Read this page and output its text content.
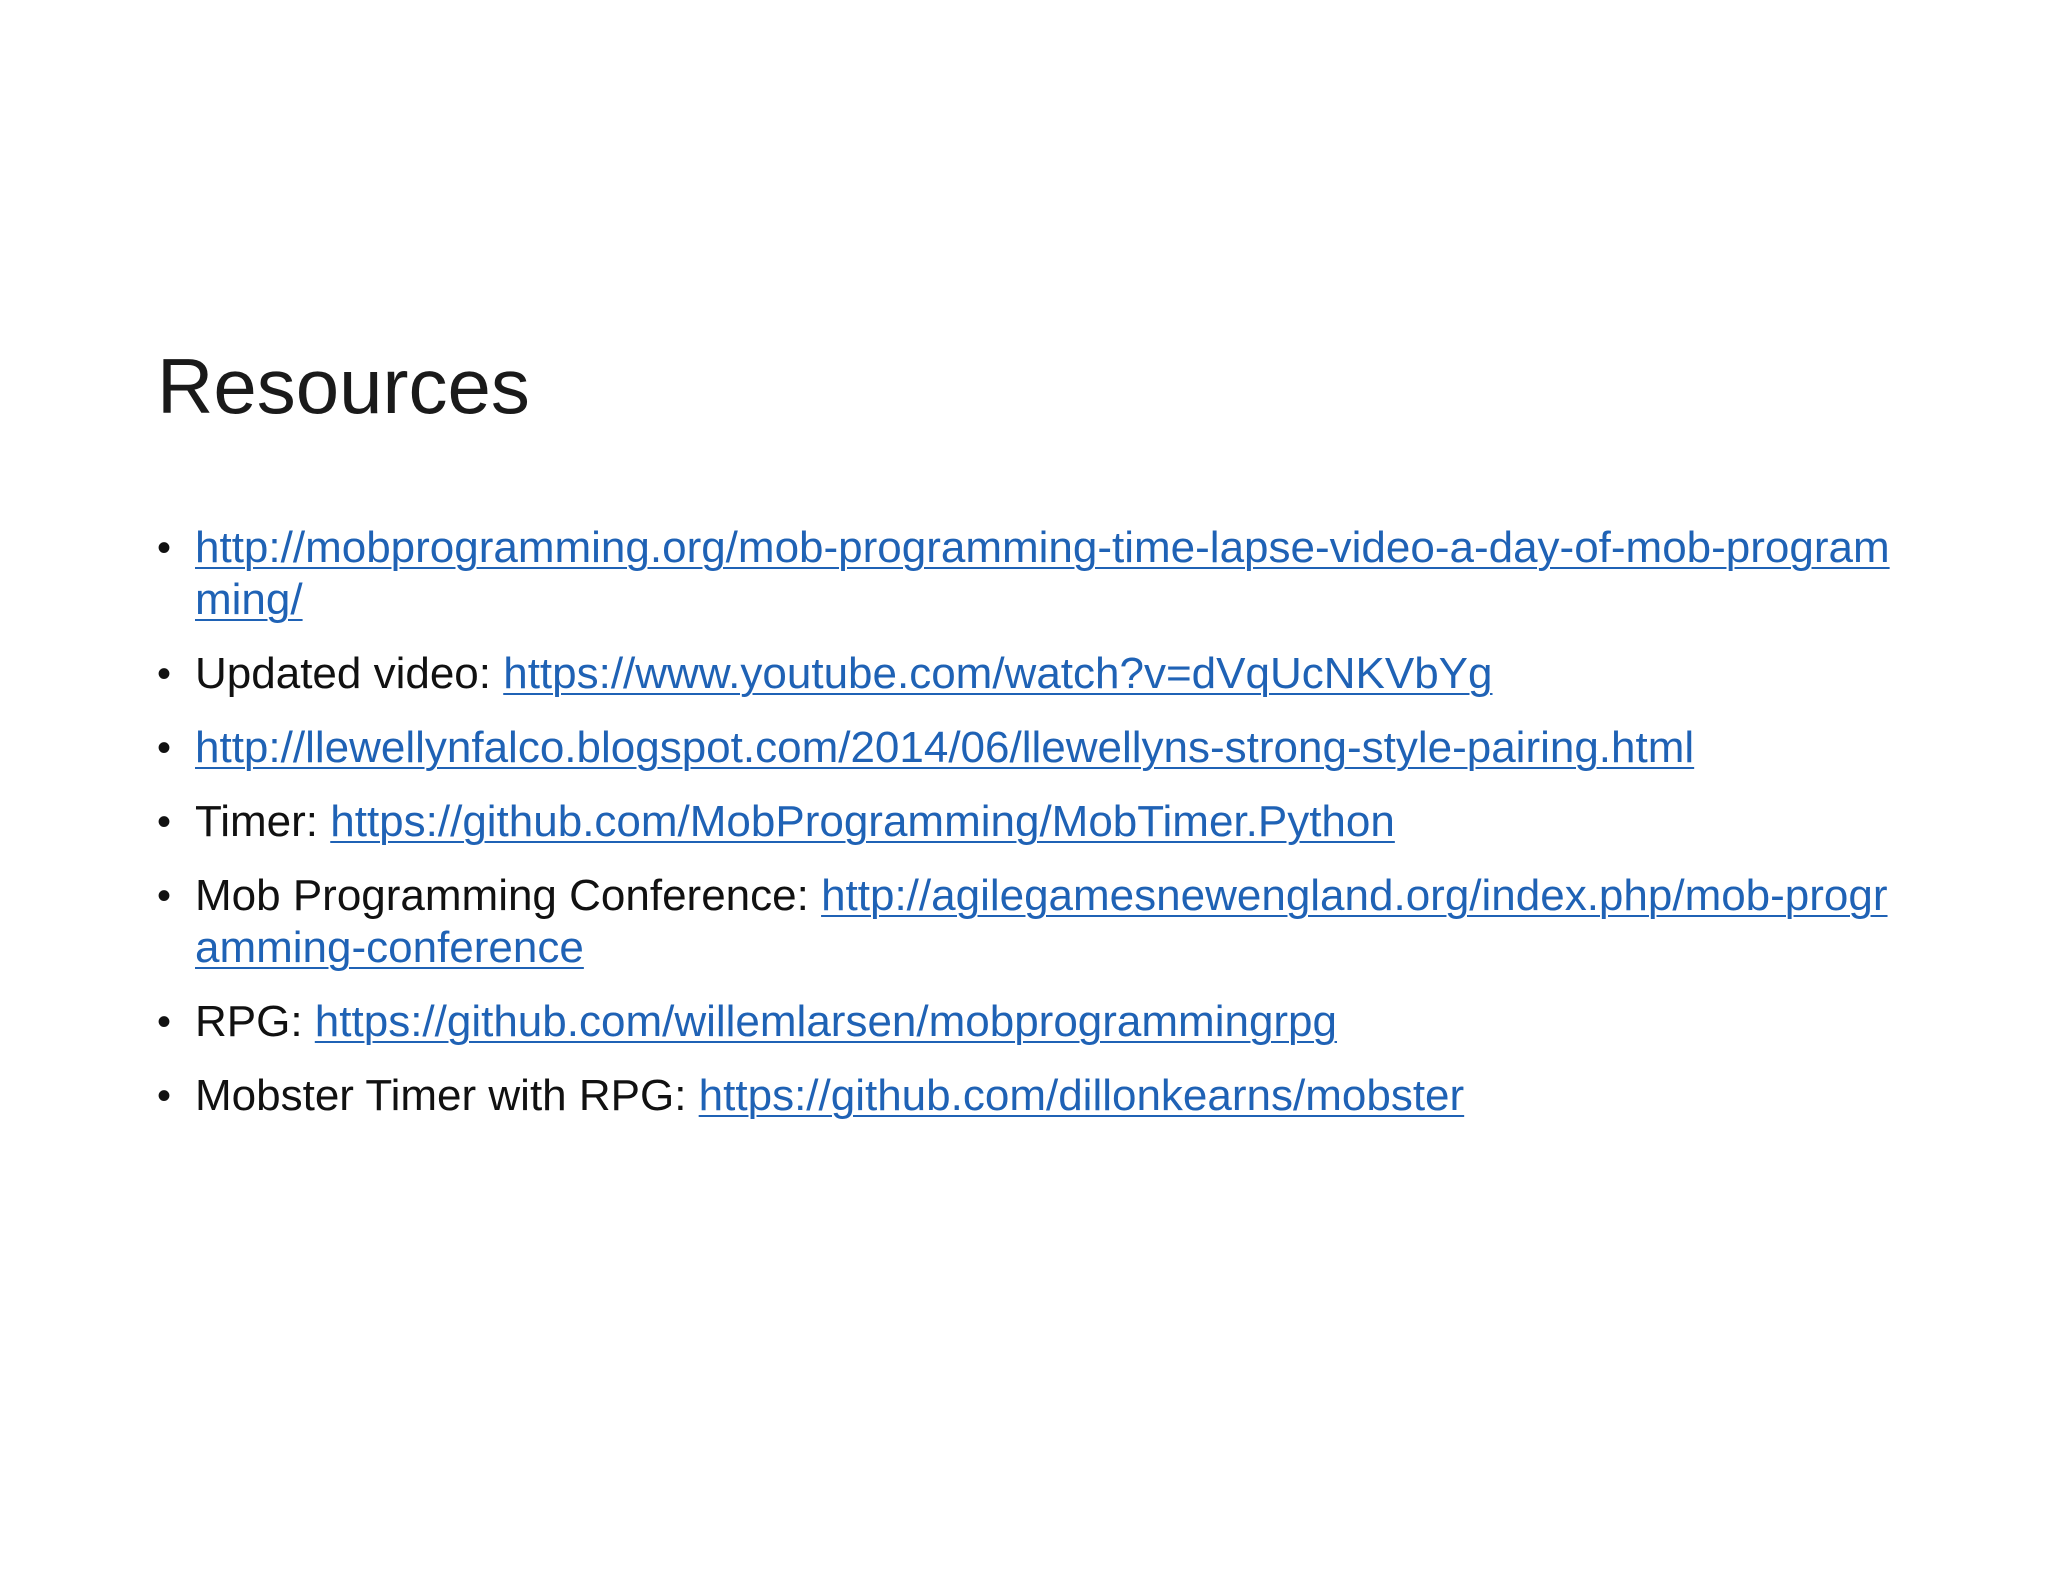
Resources
• http://mobprogramming.org/mob-programming-time-lapse-video-a-day-of-mob-programming/
• Updated video: https://www.youtube.com/watch?v=dVqUcNKVbYg
• http://llewellynfalco.blogspot.com/2014/06/llewellyns-strong-style-pairing.html
• Timer: https://github.com/MobProgramming/MobTimer.Python
• Mob Programming Conference: http://agilegamesnewengland.org/index.php/mob-programming-conference
• RPG: https://github.com/willemlarsen/mobprogrammingrpg
• Mobster Timer with RPG: https://github.com/dillonkearns/mobster
